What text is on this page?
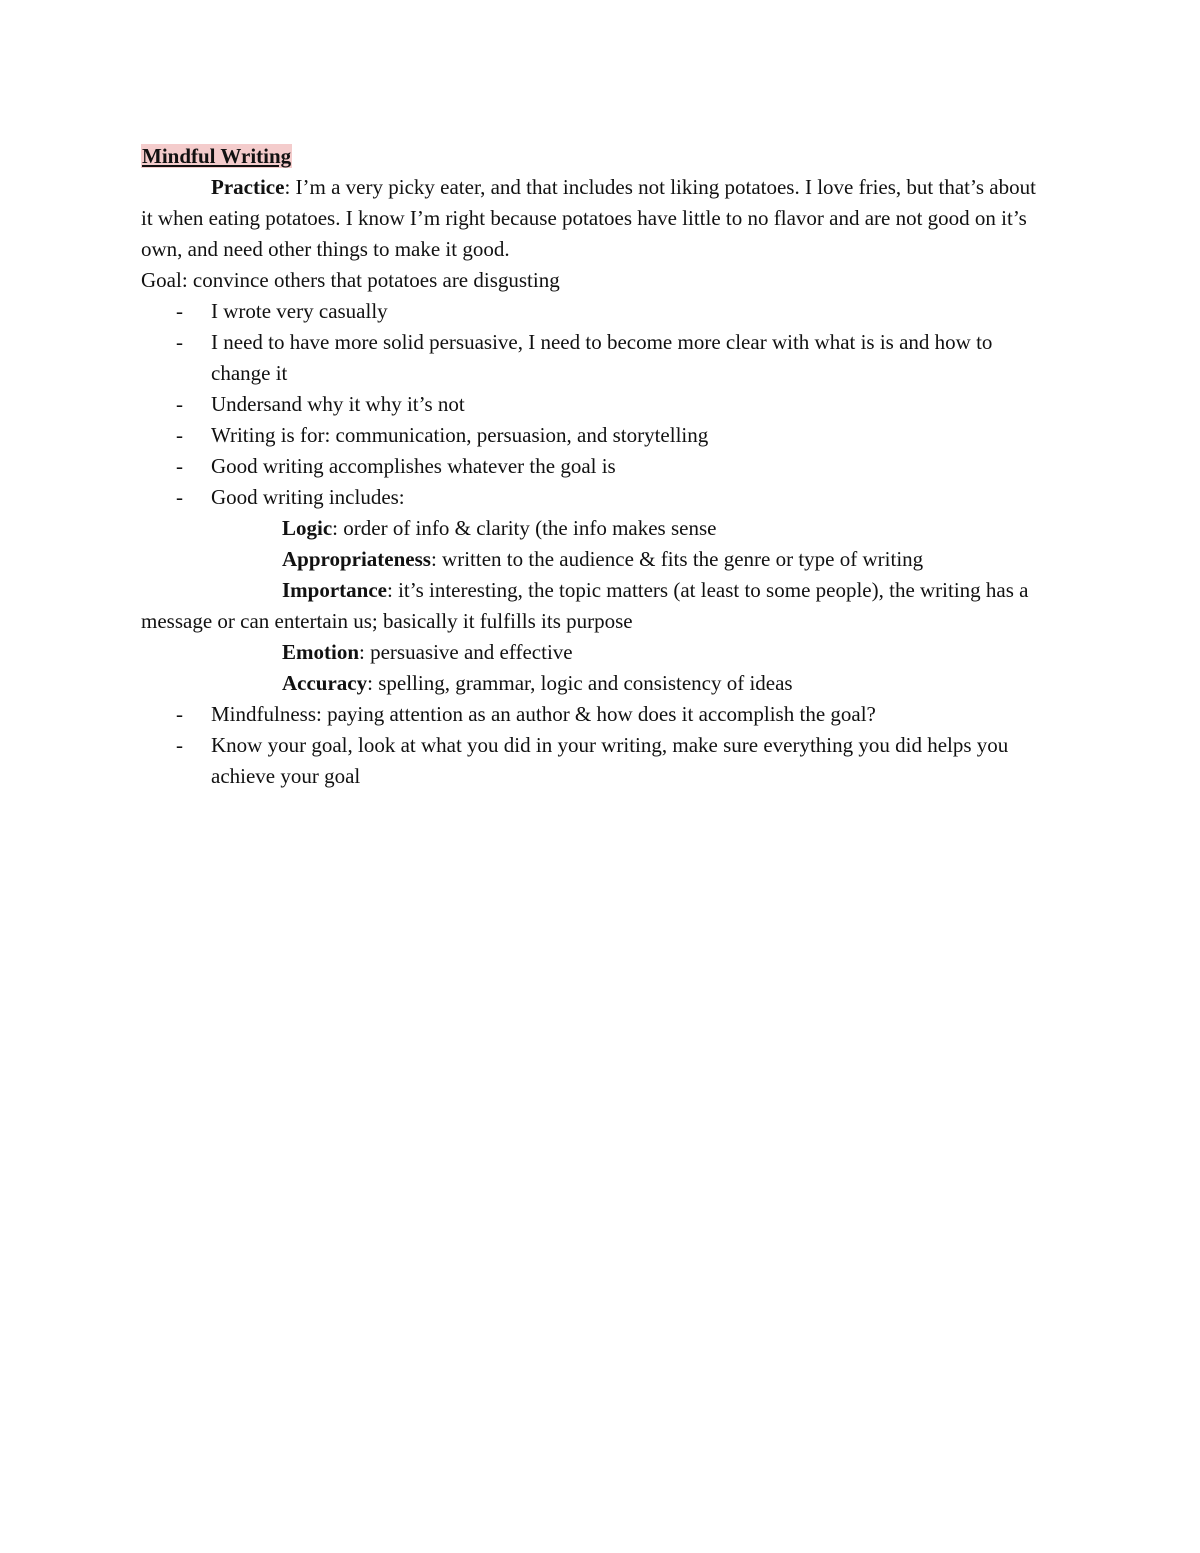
Mindful Writing

Practice: I’m a very picky eater, and that includes not liking potatoes. I love fries, but that’s about it when eating potatoes. I know I’m right because potatoes have little to no flavor and are not good on it’s own, and need other things to make it good.

Goal: convince others that potatoes are disgusting

- I wrote very casually
- I need to have more solid persuasive, I need to become more clear with what is is and how to change it
- Undersand why it why it’s not
- Writing is for: communication, persuasion, and storytelling
- Good writing accomplishes whatever the goal is
- Good writing includes:

Logic: order of info & clarity (the info makes sense

Appropriateness: written to the audience & fits the genre or type of writing

Importance: it’s interesting, the topic matters (at least to some people), the writing has a message or can entertain us; basically it fulfills its purpose

Emotion: persuasive and effective

Accuracy: spelling, grammar, logic and consistency of ideas

- Mindfulness: paying attention as an author & how does it accomplish the goal?
- Know your goal, look at what you did in your writing, make sure everything you did helps you achieve your goal
